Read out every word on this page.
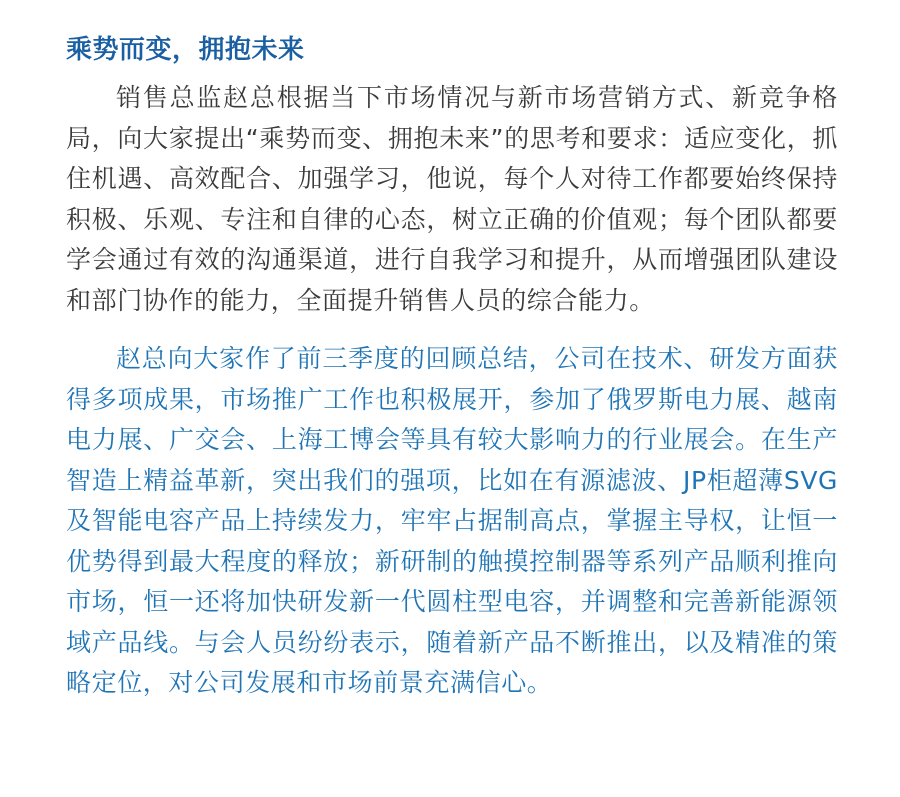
乘势而变，拥抱未来

销售总监赵总根据当下市场情况与新市场营销方式、新竞争格局，向大家提出“乘势而变、拥抱未来”的思考和要求：适应变化，抓住机遇、高效配合、加强学习，他说，每个人对待工作都要始终保持积极、乐观、专注和自律的心态，树立正确的价值观；每个团队都要学会通过有效的沟通渠道，进行自我学习和提升，从而增强团队建设和部门协作的能力，全面提升销售人员的综合能力。

赵总向大家作了前三季度的回顾总结，公司在技术、研发方面获得多项成果，市场推广工作也积极展开，参加了俄罗斯电力展、越南电力展、广交会、上海工博会等具有较大影响力的行业展会。在生产智造上精益革新，突出我们的强项，比如在有源滤波、JP柜超薄SVG及智能电容产品上持续发力，牢牢占据制高点，掌握主导权，让恒一优势得到最大程度的释放；新研制的触摸控制器等系列产品顺利推向市场，恒一还将加快研发新一代圆柱型电容，并调整和完善新能源领域产品线。与会人员纷纷表示，随着新产品不断推出，以及精准的策略定位，对公司发展和市场前景充满信心。
